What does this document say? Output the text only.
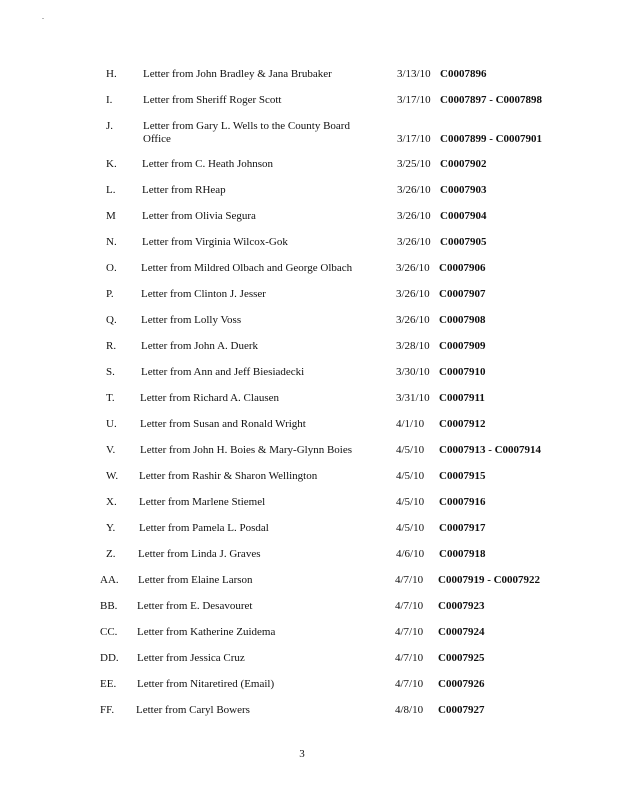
.
H.	Letter from John Bradley & Jana Brubaker	3/13/10 C0007896
I.	Letter from Sheriff Roger Scott	3/17/10 C0007897 - C0007898
J.	Letter from Gary L. Wells to the County Board Office	3/17/10 C0007899 - C0007901
K.	Letter from C. Heath Johnson	3/25/10 C0007902
L.	Letter from RHeap	3/26/10 C0007903
M	Letter from Olivia Segura	3/26/10 C0007904
N.	Letter from Virginia Wilcox-Gok	3/26/10 C0007905
O.	Letter from Mildred Olbach and George Olbach	3/26/10 C0007906
P.	Letter from Clinton J. Jesser	3/26/10 C0007907
Q.	Letter from Lolly Voss	3/26/10 C0007908
R.	Letter from John A. Duerk	3/28/10 C0007909
S.	Letter from Ann and Jeff Biesiadecki	3/30/10 C0007910
T.	Letter from Richard A. Clausen	3/31/10 C0007911
U.	Letter from Susan and Ronald Wright	4/1/10	C0007912
V.	Letter from John H. Boies & Mary-Glynn Boies	4/5/10	C0007913 - C0007914
W.	Letter from Rashir & Sharon Wellington	4/5/10	C0007915
X.	Letter from Marlene Stiemel	4/5/10	C0007916
Y.	Letter from Pamela L. Posdal	4/5/10	C0007917
Z.	Letter from Linda J. Graves	4/6/10	C0007918
AA.	Letter from Elaine Larson	4/7/10	C0007919 - C0007922
BB.	Letter from E. Desavouret	4/7/10	C0007923
CC.	Letter from Katherine Zuidema	4/7/10	C0007924
DD.	Letter from Jessica Cruz	4/7/10	C0007925
EE.	Letter from Nitaretired (Email)	4/7/10	C0007926
FF.	Letter from Caryl Bowers	4/8/10	C0007927
3
